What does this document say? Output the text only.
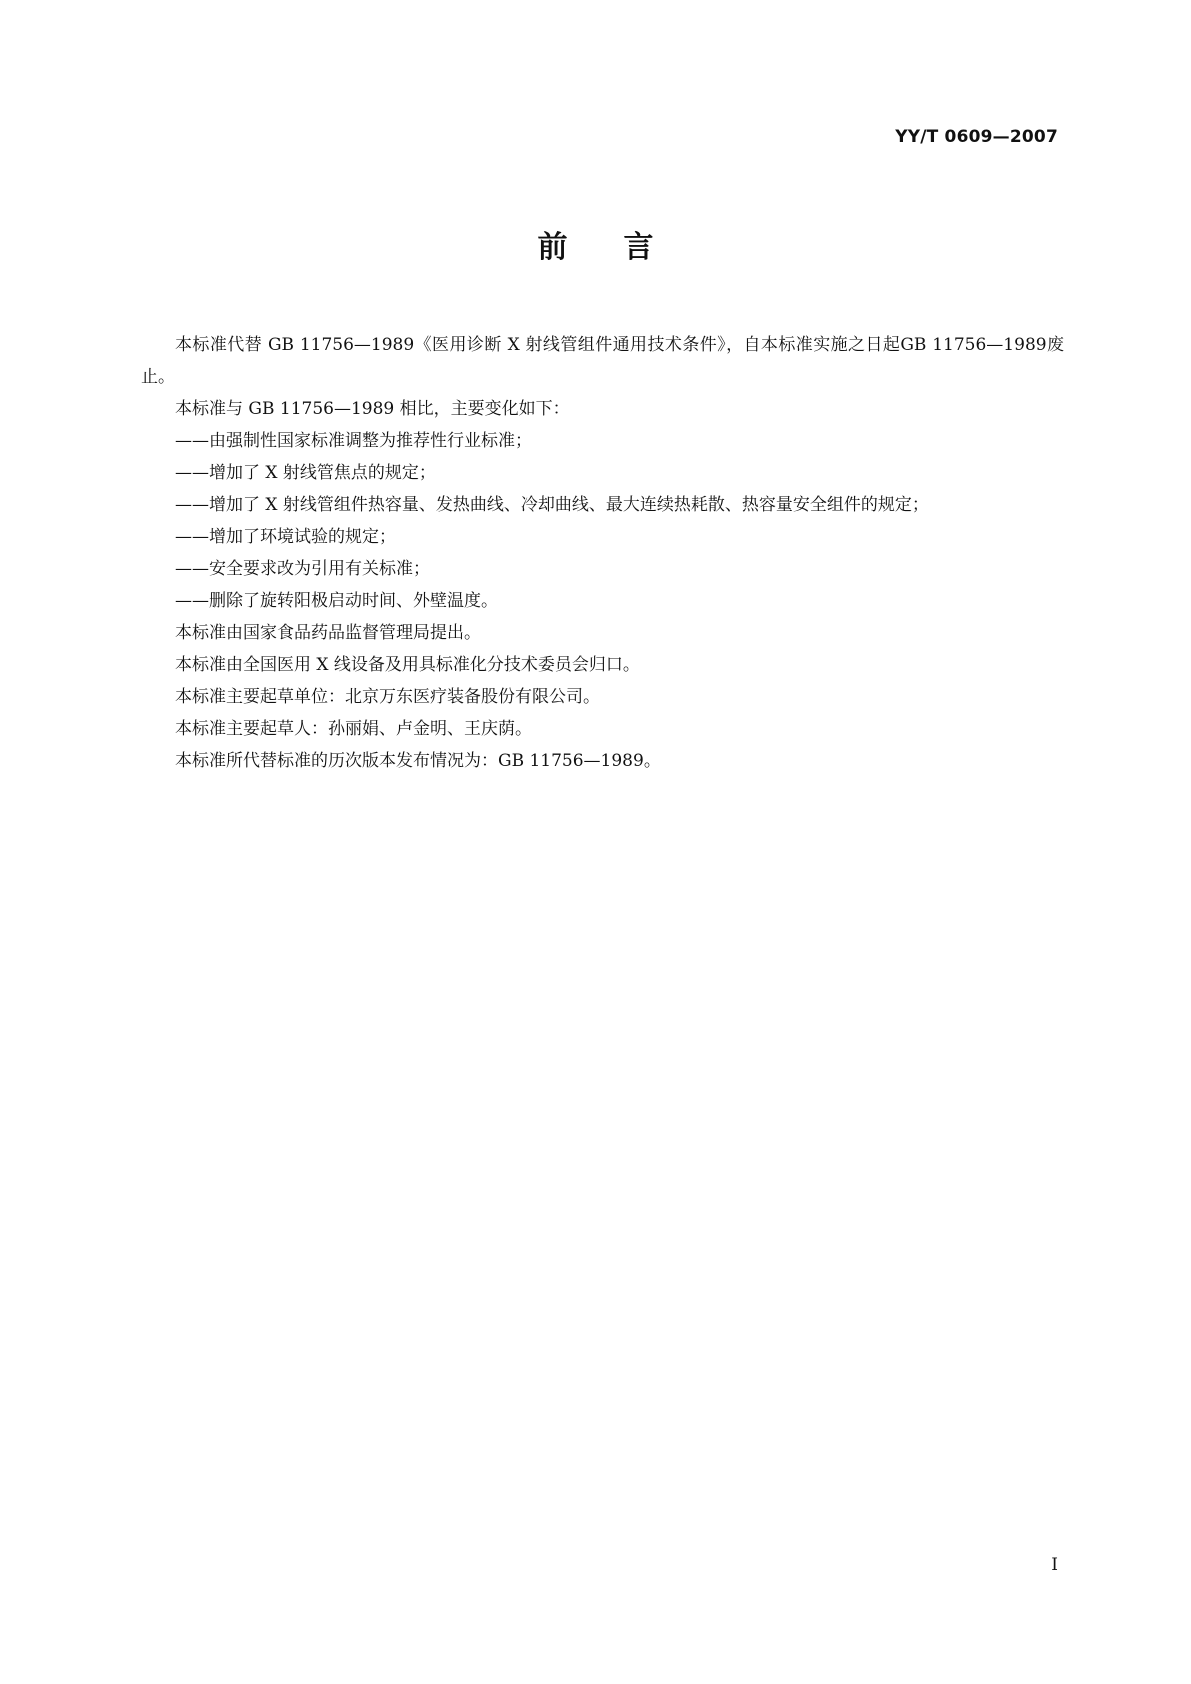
YY/T 0609—2007
前 言

本标准代替 GB 11756—1989《医用诊断 X 射线管组件通用技术条件》，自本标准实施之日起GB 11756—1989废止。

本标准与 GB 11756—1989 相比，主要变化如下：

——由强制性国家标准调整为推荐性行业标准；

——增加了 X 射线管焦点的规定；

——增加了 X 射线管组件热容量、发热曲线、冷却曲线、最大连续热耗散、热容量安全组件的规定；

——增加了环境试验的规定；

——安全要求改为引用有关标准；

——删除了旋转阳极启动时间、外壁温度。

本标准由国家食品药品监督管理局提出。

本标准由全国医用 X 线设备及用具标准化分技术委员会归口。

本标准主要起草单位：北京万东医疗装备股份有限公司。

本标准主要起草人：孙丽娟、卢金明、王庆荫。

本标准所代替标准的历次版本发布情况为：GB 11756—1989。

I
